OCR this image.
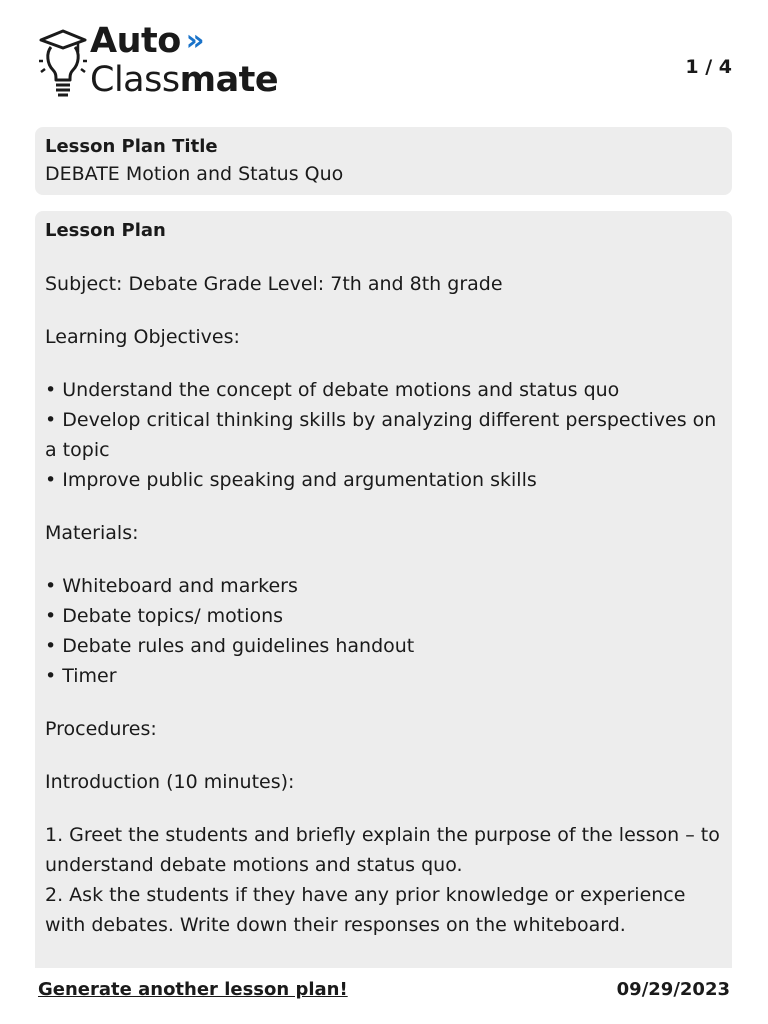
Auto »
Classmate	1 / 4
Lesson Plan Title
DEBATE Motion and Status Quo
Lesson Plan
Subject: Debate Grade Level: 7th and 8th grade
Learning Objectives:
• Understand the concept of debate motions and status quo
• Develop critical thinking skills by analyzing different perspectives on a topic
• Improve public speaking and argumentation skills
Materials:
• Whiteboard and markers
• Debate topics/ motions
• Debate rules and guidelines handout
• Timer
Procedures:
Introduction (10 minutes):
1. Greet the students and briefly explain the purpose of the lesson – to understand debate motions and status quo.
2. Ask the students if they have any prior knowledge or experience with debates. Write down their responses on the whiteboard.
Generate another lesson plan!	09/29/2023
